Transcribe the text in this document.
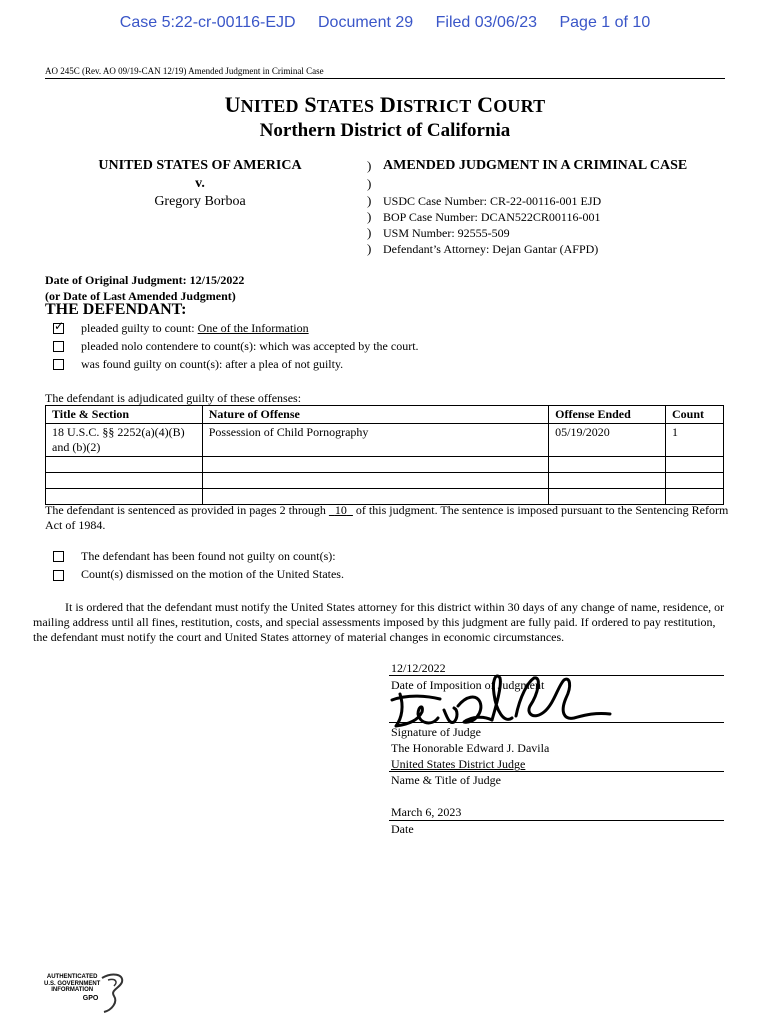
Case 5:22-cr-00116-EJD Document 29 Filed 03/06/23 Page 1 of 10
AO 245C (Rev. AO 09/19-CAN 12/19) Amended Judgment in Criminal Case
UNITED STATES DISTRICT COURT
Northern District of California
UNITED STATES OF AMERICA
v.
Gregory Borboa
)
)
)
)
)
)
AMENDED JUDGMENT IN A CRIMINAL CASE
USDC Case Number: CR-22-00116-001 EJD
BOP Case Number: DCAN522CR00116-001
USM Number: 92555-509
Defendant’s Attorney: Dejan Gantar (AFPD)
Date of Original Judgment: 12/15/2022
(or Date of Last Amended Judgment)
THE DEFENDANT:
✓
pleaded guilty to count: One of the Information
pleaded nolo contendere to count(s): which was accepted by the court.
was found guilty on count(s): after a plea of not guilty.
The defendant is adjudicated guilty of these offenses:
Title & Section	Nature of Offense	Offense Ended	Count
18 U.S.C. §§ 2252(a)(4)(B) and (b)(2)	Possession of Child Pornography	05/19/2020	1

The defendant is sentenced as provided in pages 2 through   10   of this judgment. The sentence is imposed pursuant to the Sentencing Reform Act of 1984.
The defendant has been found not guilty on count(s):
Count(s) dismissed on the motion of the United States.
It is ordered that the defendant must notify the United States attorney for this district within 30 days of any change of name, residence, or mailing address until all fines, restitution, costs, and special assessments imposed by this judgment are fully paid. If ordered to pay restitution, the defendant must notify the court and United States attorney of material changes in economic circumstances.
12/12/2022
Date of Imposition of Judgment
Signature of Judge
The Honorable Edward J. Davila
United States District Judge
Name & Title of Judge
March 6, 2023
Date
AUTHENTICATED
U.S. GOVERNMENT
INFORMATION
GPO
